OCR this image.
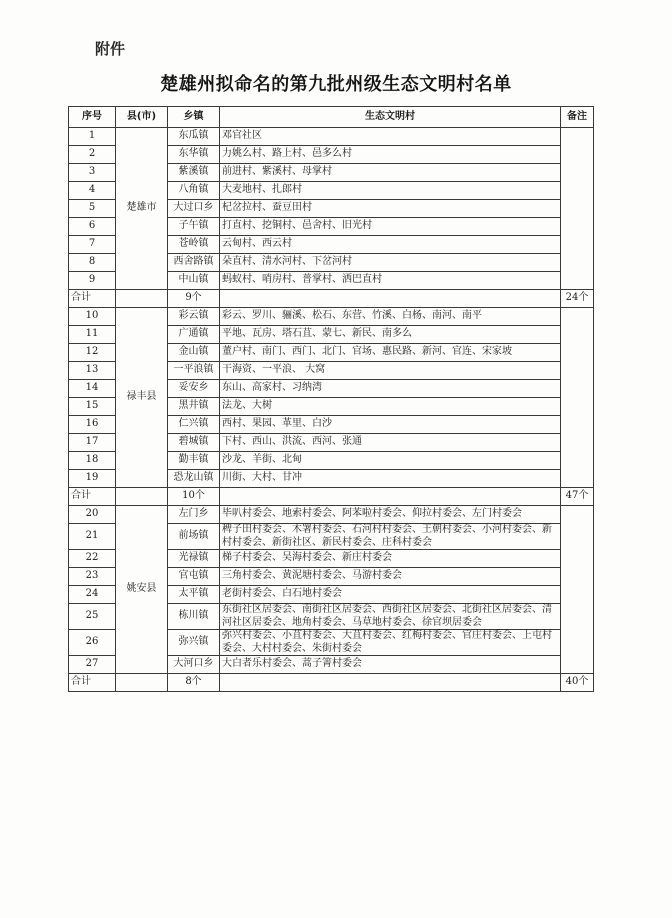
附件
楚雄州拟命名的第九批州级生态文明村名单
序号	县(市)	乡镇	生态文明村	备注
1	楚雄市	东瓜镇	邓官社区	
2		东华镇	力姚么村、路上村、邑多么村	
3		紫溪镇	前进村、紫溪村、母掌村	
4		八角镇	大麦地村、扎郎村	
5		大过口乡	杞岔拉村、蚕豆田村	
6		子午镇	打直村、挖铜村、邑舍村、旧光村	
7		苍岭镇	云甸村、西云村	
8		西舍路镇	朵直村、清水河村、下岔河村	
9		中山镇	蚂蚁村、哨房村、普掌村、洒巴直村	
合计		9个		24个
10	禄丰县	彩云镇	彩云、罗川、骊溪、松石、东营、竹溪、白杨、南河、南平	
11		广通镇	平地、瓦房、塔石苴、蒙七、新民、南多么	
12		金山镇	董户村、南门、西门、北门、官场、惠民路、新河、官连、宋家坡	
13		一平浪镇	干海资、一平浪、 大窝	
14		妥安乡	东山、高家村、习纳湾	
15		黑井镇	法龙、大树	
16		仁兴镇	西村、果园、革里、白沙	
17		碧城镇	下村、西山、洪流、西河、张通	
18		勤丰镇	沙龙、羊街、北甸	
19		恐龙山镇	川街、大村、甘冲	
合计		10个		47个
20	姚安县	左门乡	毕叭村委会、地索村委会、阿苯啦村委会、仰拉村委会、左门村委会	
21		前场镇	稗子田村委会、木署村委会、石河村村委会、王朝村委会、小河村委会、新村村委会、新街社区、新民村委会、庄科村委会	
22		光禄镇	梯子村委会、吴海村委会、新庄村委会	
23		官屯镇	三角村委会、黄泥塘村委会、马游村委会	
24		太平镇	老街村委会、白石地村委会	
25		栋川镇	东街社区居委会、南街社区居委会、西街社区居委会、北街社区居委会、清河社区居委会、地角村委会、马草地村委会、徐官坝居委会	
26		弥兴镇	弥兴村委会、小苴村委会、大苴村委会、红梅村委会、官庄村委会、上屯村委会、大村村委会、朱街村委会	
27		大河口乡	大白者乐村委会、蒿子箐村委会	
合计		8个		40个
